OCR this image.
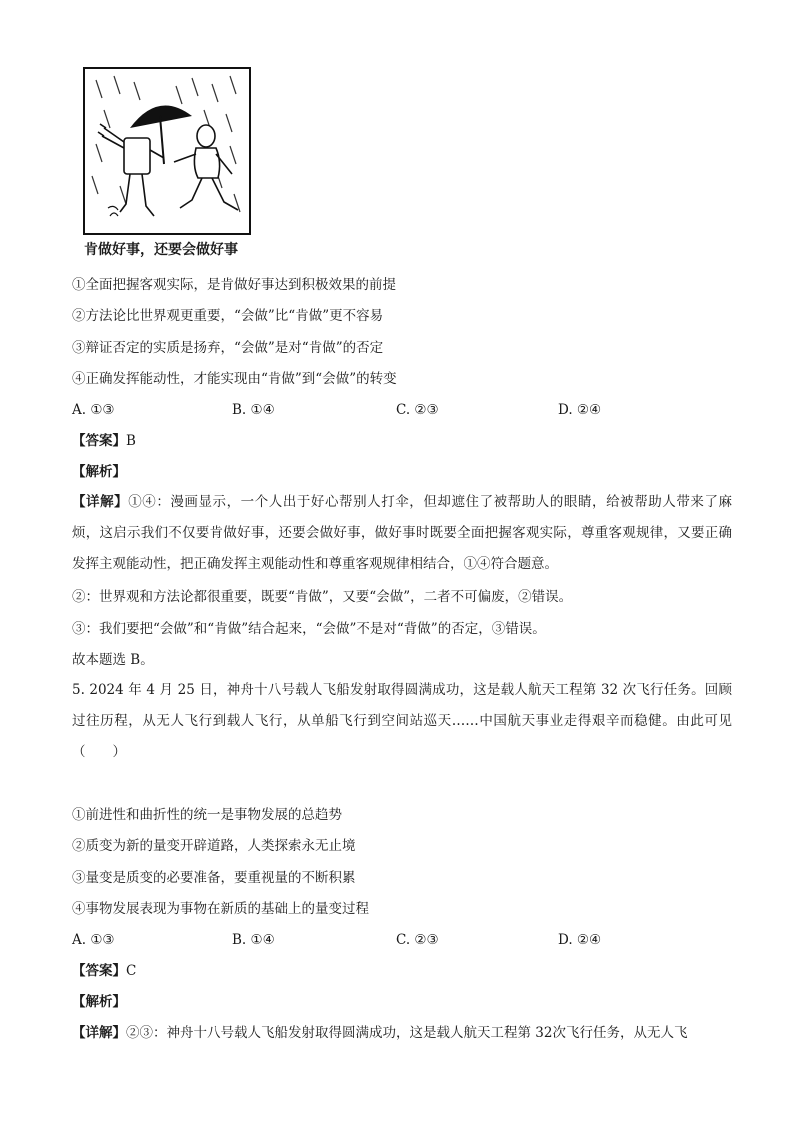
肯做好事，还要会做好事
①全面把握客观实际，是肯做好事达到积极效果的前提
②方法论比世界观更重要，“会做”比“肯做”更不容易
③辩证否定的实质是扬弃，“会做”是对“肯做”的否定
④正确发挥能动性，才能实现由“肯做”到“会做”的转变
A. ①③	B. ①④	C. ②③	D. ②④
【答案】B
【解析】
【详解】①④：漫画显示，一个人出于好心帮别人打伞，但却遮住了被帮助人的眼睛，给被帮助人带来了麻烦，这启示我们不仅要肯做好事，还要会做好事，做好事时既要全面把握客观实际，尊重客观规律，又要正确发挥主观能动性，把正确发挥主观能动性和尊重客观规律相结合，①④符合题意。
②：世界观和方法论都很重要，既要“肯做”，又要“会做”，二者不可偏废，②错误。
③：我们要把“会做”和“肯做”结合起来，“会做”不是对“背做”的否定，③错误。
故本题选 B。
5. 2024 年 4 月 25 日，神舟十八号载人飞船发射取得圆满成功，这是载人航天工程第 32 次飞行任务。回顾过往历程，从无人飞行到载人飞行，从单船飞行到空间站巡天……中国航天事业走得艰辛而稳健。由此可见（　　）
①前进性和曲折性的统一是事物发展的总趋势
②质变为新的量变开辟道路，人类探索永无止境
③量变是质变的必要准备，要重视量的不断积累
④事物发展表现为事物在新质的基础上的量变过程
A. ①③	B. ①④	C. ②③	D. ②④
【答案】C
【解析】
【详解】②③：神舟十八号载人飞船发射取得圆满成功，这是载人航天工程第 32次飞行任务，从无人飞
